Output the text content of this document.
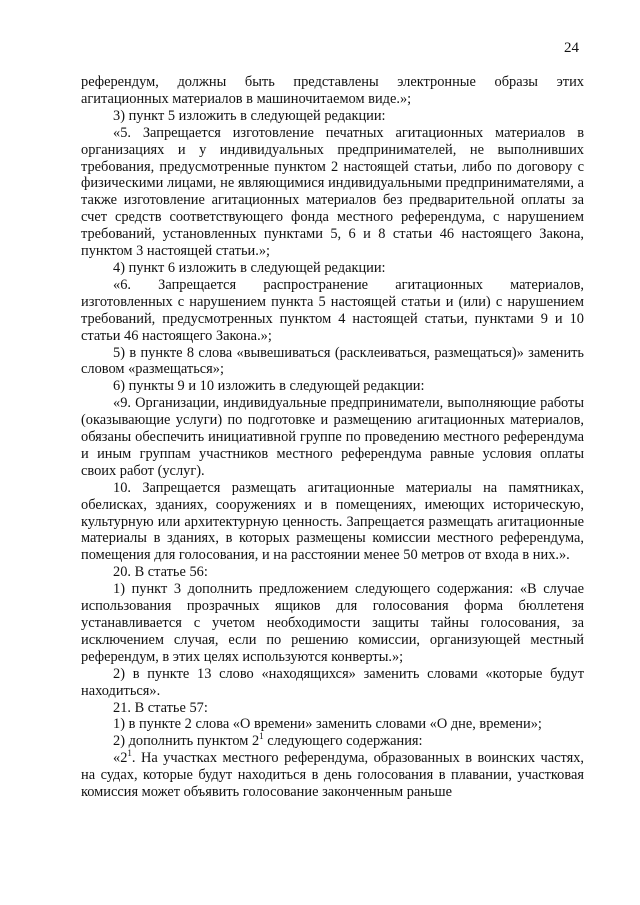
24

референдум, должны быть представлены электронные образы этих агитационных материалов в машиночитаемом виде.»;

3) пункт 5 изложить в следующей редакции:

«5. Запрещается изготовление печатных агитационных материалов в организациях и у индивидуальных предпринимателей, не выполнивших требования, предусмотренные пунктом 2 настоящей статьи, либо по договору с физическими лицами, не являющимися индивидуальными предпринимателями, а также изготовление агитационных материалов без предварительной оплаты за счет средств соответствующего фонда местного референдума, с нарушением требований, установленных пунктами 5, 6 и 8 статьи 46 настоящего Закона, пунктом 3 настоящей статьи.»;

4) пункт 6 изложить в следующей редакции:

«6. Запрещается распространение агитационных материалов, изготовленных с нарушением пункта 5 настоящей статьи и (или) с нарушением требований, предусмотренных пунктом 4 настоящей статьи, пунктами 9 и 10 статьи 46 настоящего Закона.»;

5) в пункте 8 слова «вывешиваться (расклеиваться, размещаться)» заменить словом «размещаться»;

6) пункты 9 и 10 изложить в следующей редакции:

«9. Организации, индивидуальные предприниматели, выполняющие работы (оказывающие услуги) по подготовке и размещению агитационных материалов, обязаны обеспечить инициативной группе по проведению местного референдума и иным группам участников местного референдума равные условия оплаты своих работ (услуг).

10. Запрещается размещать агитационные материалы на памятниках, обелисках, зданиях, сооружениях и в помещениях, имеющих историческую, культурную или архитектурную ценность. Запрещается размещать агитационные материалы в зданиях, в которых размещены комиссии местного референдума, помещения для голосования, и на расстоянии менее 50 метров от входа в них.».

20. В статье 56:

1) пункт 3 дополнить предложением следующего содержания: «В случае использования прозрачных ящиков для голосования форма бюллетеня устанавливается с учетом необходимости защиты тайны голосования, за исключением случая, если по решению комиссии, организующей местный референдум, в этих целях используются конверты.»;

2) в пункте 13 слово «находящихся» заменить словами «которые будут находиться».

21. В статье 57:

1) в пункте 2 слова «О времени» заменить словами «О дне, времени»;

2) дополнить пунктом $2^1$ следующего содержания:

«$2^1$. На участках местного референдума, образованных в воинских частях, на судах, которые будут находиться в день голосования в плавании, участковая комиссия может объявить голосование законченным раньше
